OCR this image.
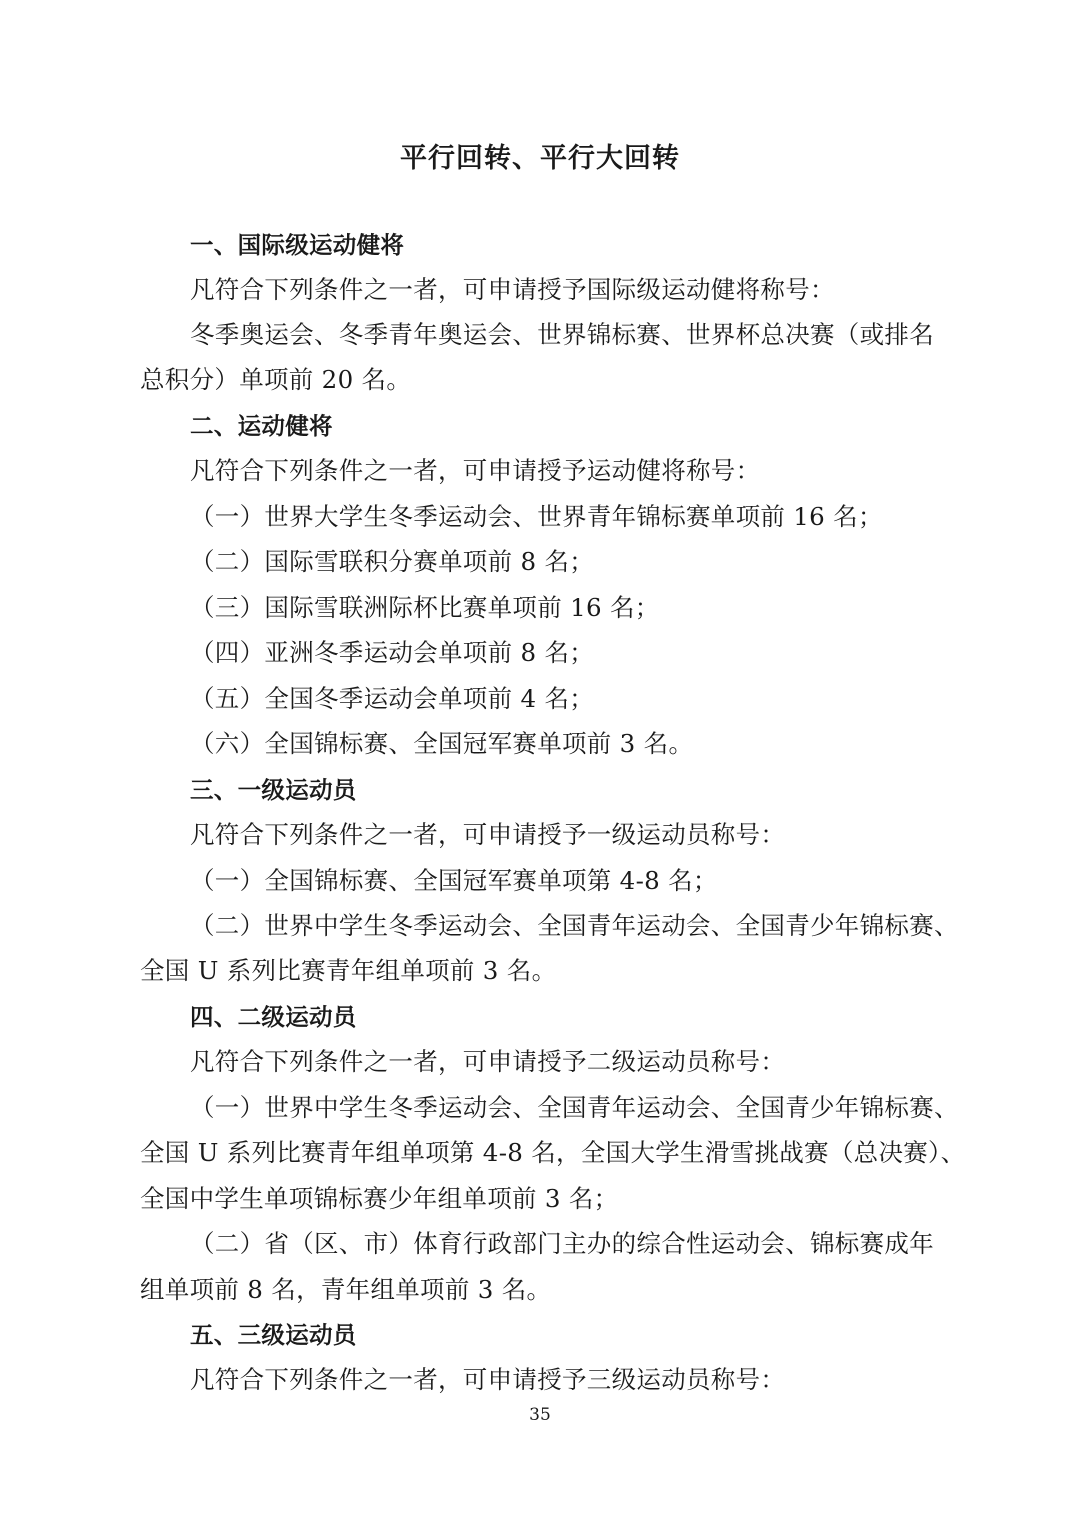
平行回转、平行大回转
一、国际级运动健将
凡符合下列条件之一者，可申请授予国际级运动健将称号：
冬季奥运会、冬季青年奥运会、世界锦标赛、世界杯总决赛（或排名
总积分）单项前 20 名。
二、运动健将
凡符合下列条件之一者，可申请授予运动健将称号：
（一）世界大学生冬季运动会、世界青年锦标赛单项前 16 名；
（二）国际雪联积分赛单项前 8 名；
（三）国际雪联洲际杯比赛单项前 16 名；
（四）亚洲冬季运动会单项前 8 名；
（五）全国冬季运动会单项前 4 名；
（六）全国锦标赛、全国冠军赛单项前 3 名。
三、一级运动员
凡符合下列条件之一者，可申请授予一级运动员称号：
（一）全国锦标赛、全国冠军赛单项第 4-8 名；
（二）世界中学生冬季运动会、全国青年运动会、全国青少年锦标赛、
全国 U 系列比赛青年组单项前 3 名。
四、二级运动员
凡符合下列条件之一者，可申请授予二级运动员称号：
（一）世界中学生冬季运动会、全国青年运动会、全国青少年锦标赛、
全国 U 系列比赛青年组单项第 4-8 名，全国大学生滑雪挑战赛（总决赛）、
全国中学生单项锦标赛少年组单项前 3 名；
（二）省（区、市）体育行政部门主办的综合性运动会、锦标赛成年
组单项前 8 名，青年组单项前 3 名。
五、三级运动员
凡符合下列条件之一者，可申请授予三级运动员称号：
35
